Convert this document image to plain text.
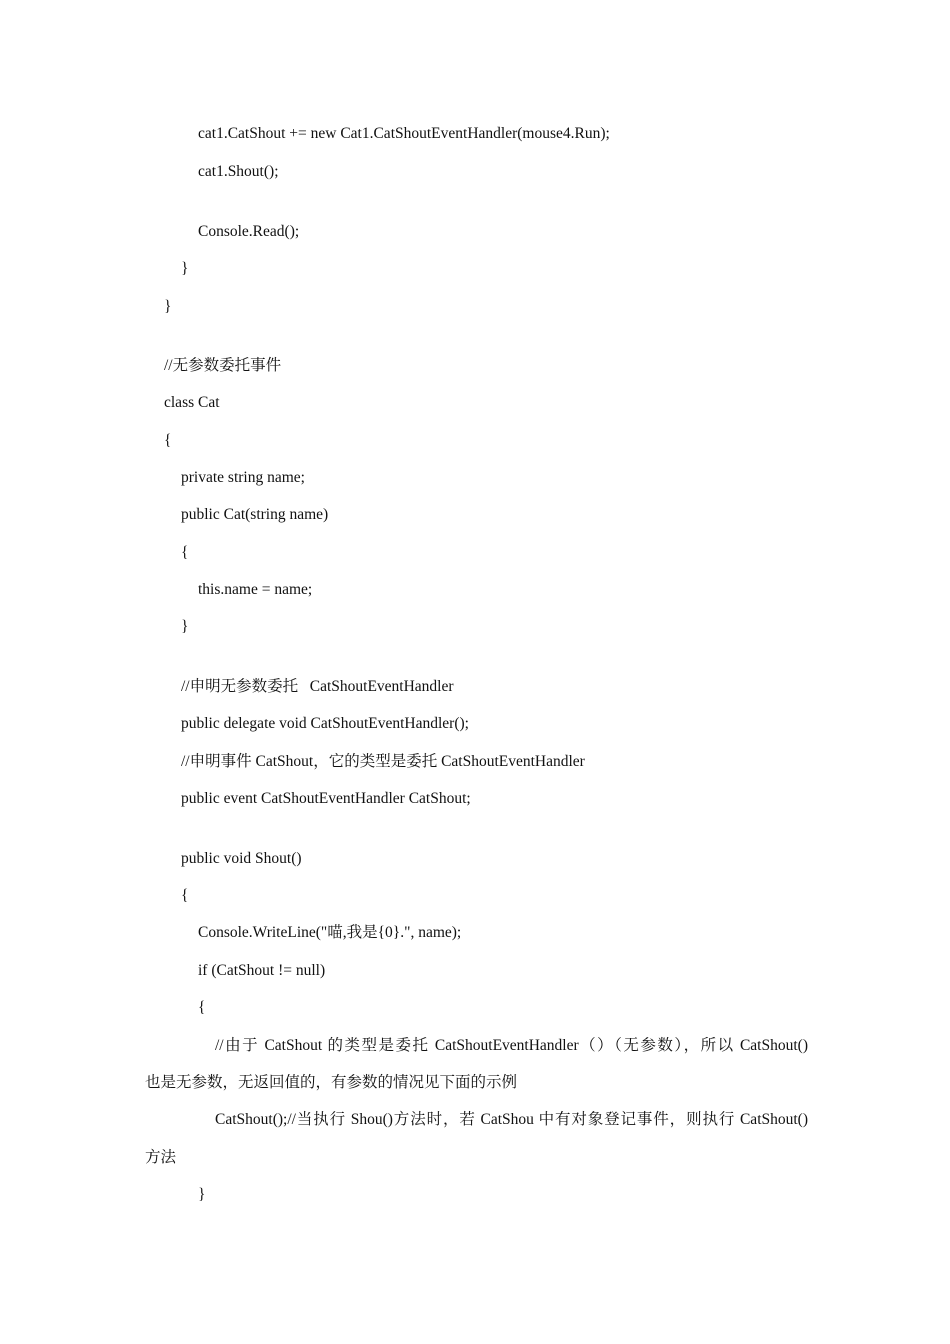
cat1.CatShout += new Cat1.CatShoutEventHandler(mouse4.Run);
cat1.Shout();
Console.Read();
}
}
//无参数委托事件
class Cat
{
private string name;
public Cat(string name)
{
this.name = name;
}
//申明无参数委托   CatShoutEventHandler
public delegate void CatShoutEventHandler();
//申明事件 CatShout，它的类型是委托 CatShoutEventHandler
public event CatShoutEventHandler CatShout;
public void Shout()
{
Console.WriteLine("喵,我是{0}.", name);
if (CatShout != null)
{
//由于 CatShout 的类型是委托 CatShoutEventHandler（）（无参数），所以 CatShout()
也是无参数，无返回值的，有参数的情况见下面的示例
CatShout();//当执行 Shou()方法时，若 CatShou 中有对象登记事件，则执行 CatShout()
方法
}
